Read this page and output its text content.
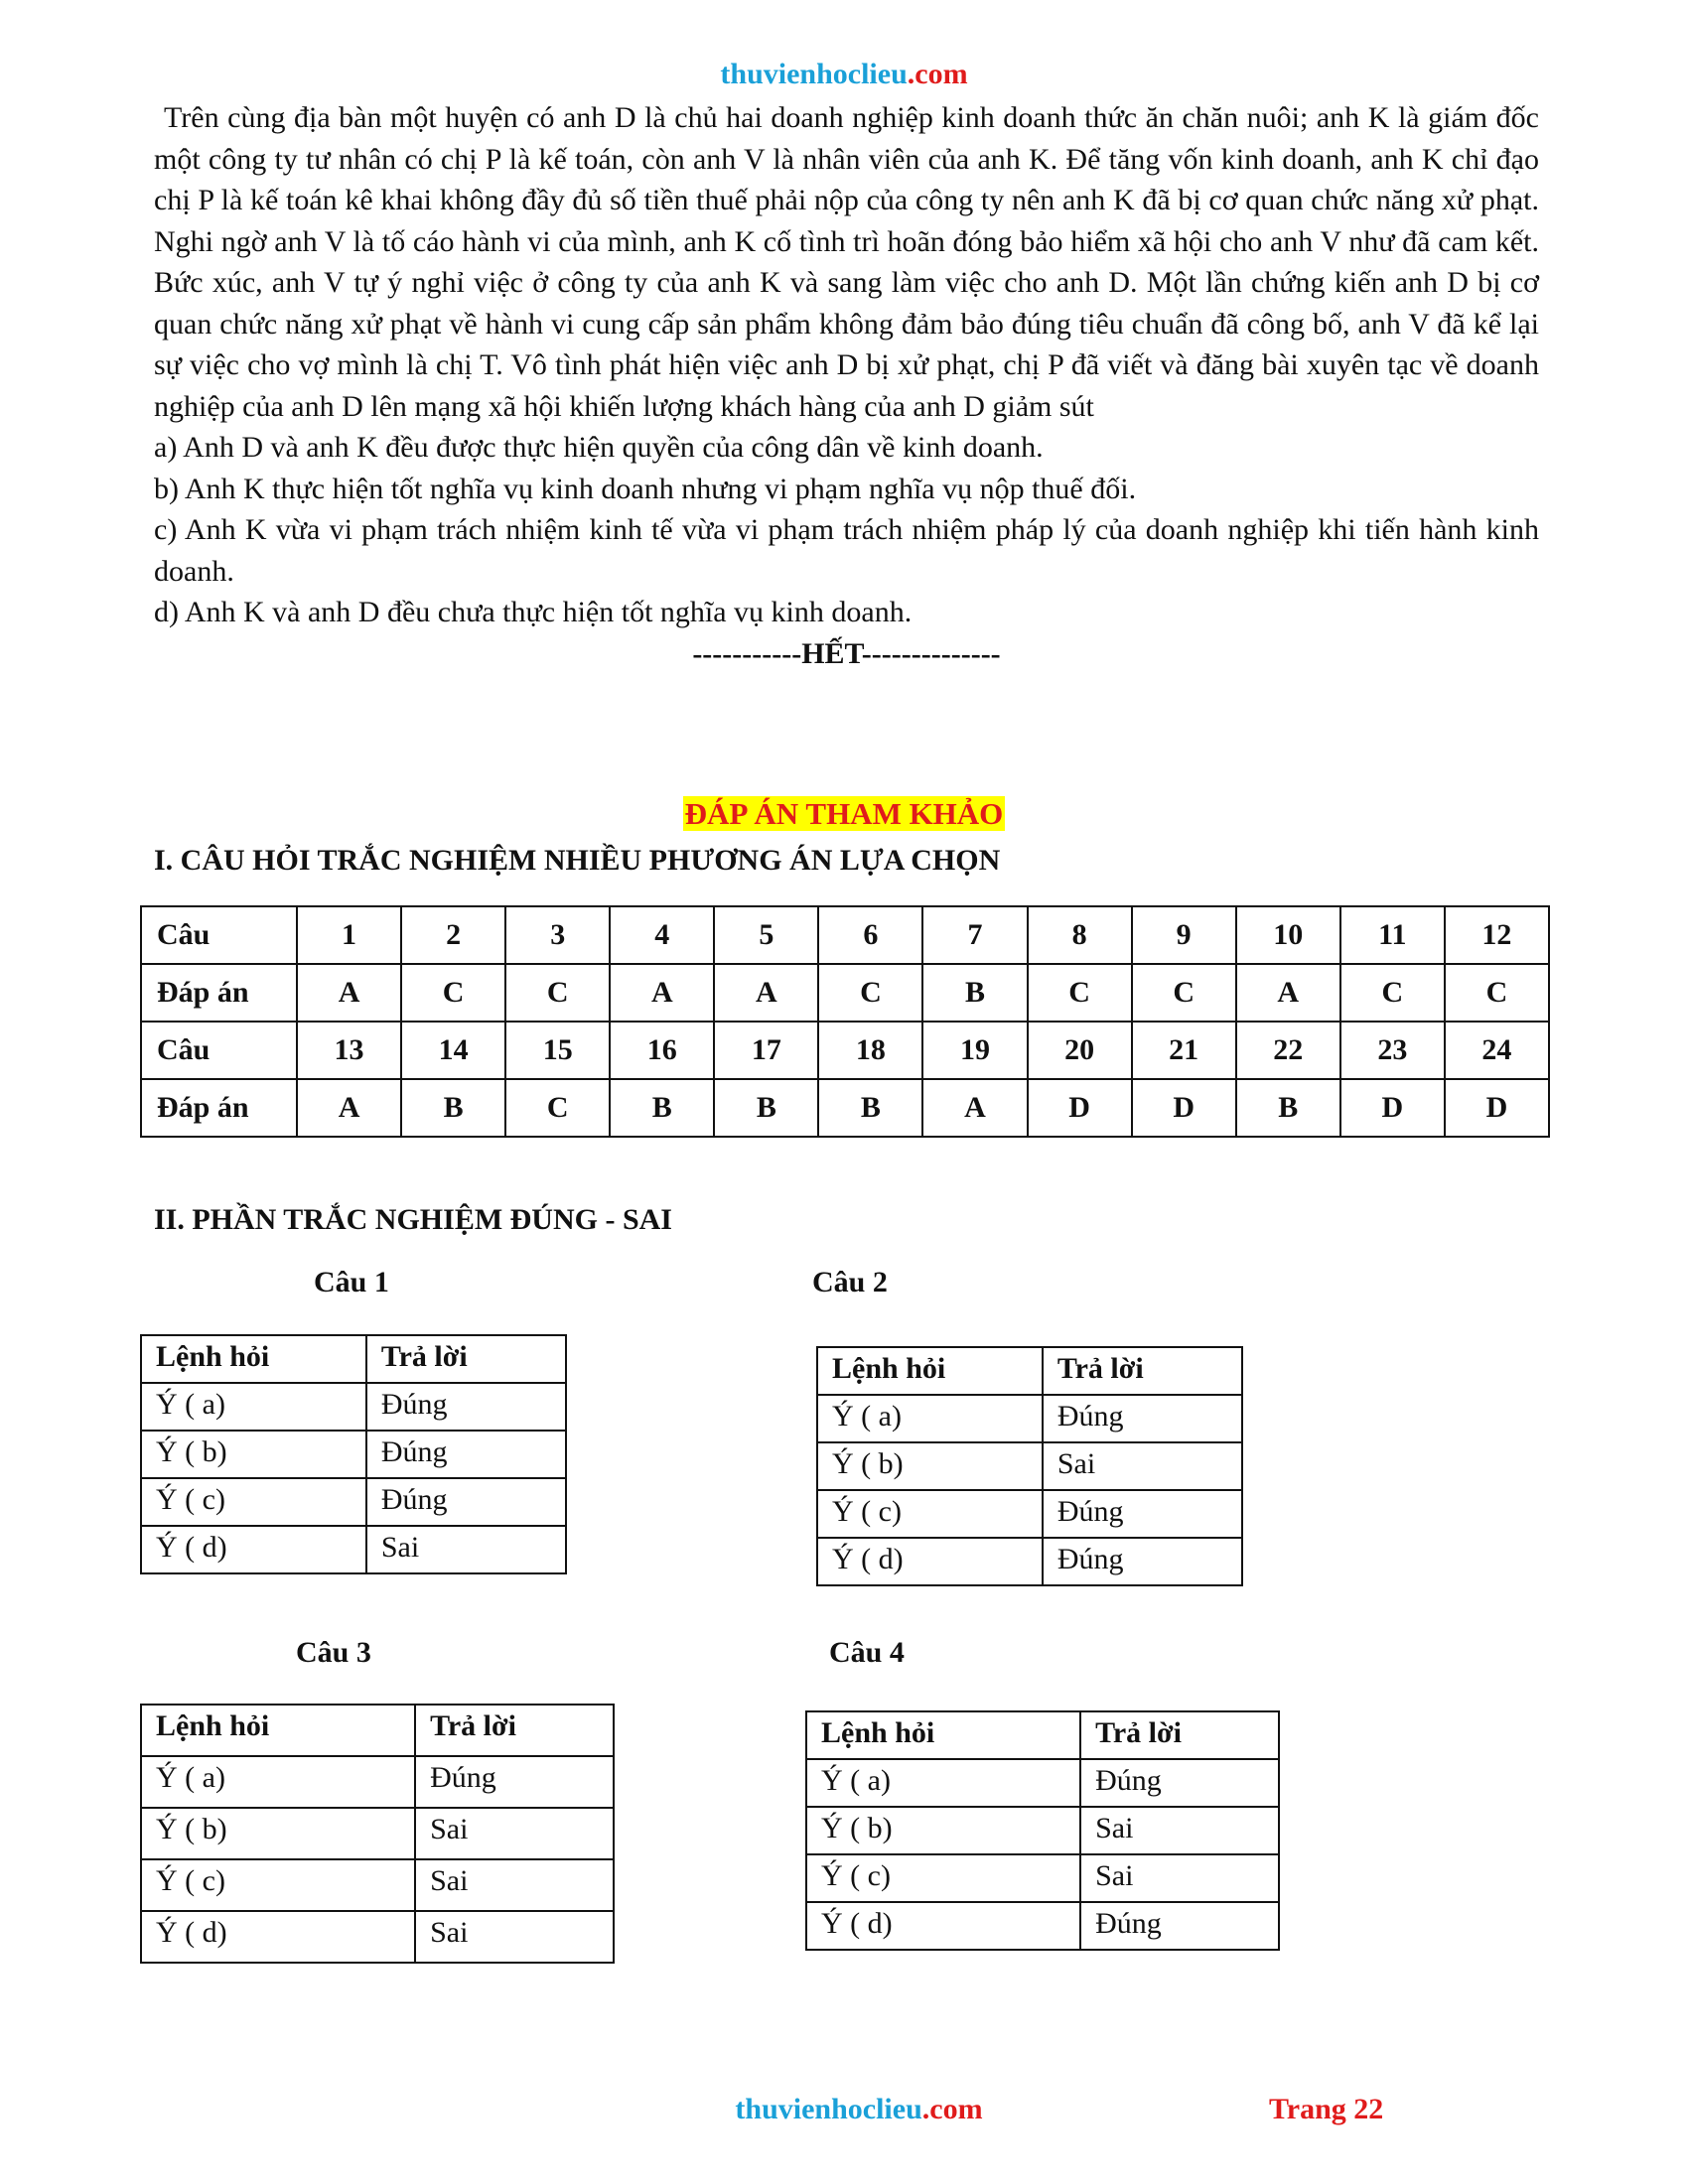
thuvienhoclieu.com

Trên cùng địa bàn một huyện có anh D là chủ hai doanh nghiệp kinh doanh thức ăn chăn nuôi; anh K là giám đốc một công ty tư nhân có chị P là kế toán, còn anh V là nhân viên của anh K. Để tăng vốn kinh doanh, anh K chỉ đạo chị P là kế toán kê khai không đầy đủ số tiền thuế phải nộp của công ty nên anh K đã bị cơ quan chức năng xử phạt. Nghi ngờ anh V là tố cáo hành vi của mình, anh K cố tình trì hoãn đóng bảo hiểm xã hội cho anh V như đã cam kết. Bức xúc, anh V tự ý nghỉ việc ở công ty của anh K và sang làm việc cho anh D. Một lần chứng kiến anh D bị cơ quan chức năng xử phạt về hành vi cung cấp sản phẩm không đảm bảo đúng tiêu chuẩn đã công bố, anh V đã kể lại sự việc cho vợ mình là chị T. Vô tình phát hiện việc anh D bị xử phạt, chị P đã viết và đăng bài xuyên tạc về doanh nghiệp của anh D lên mạng xã hội khiến lượng khách hàng của anh D giảm sút

a) Anh D và anh K đều được thực hiện quyền của công dân về kinh doanh.

b) Anh K thực hiện tốt nghĩa vụ kinh doanh nhưng vi phạm nghĩa vụ nộp thuế đối.

c) Anh K vừa vi phạm trách nhiệm kinh tế vừa vi phạm trách nhiệm pháp lý của doanh nghiệp khi tiến hành kinh doanh.

d) Anh K và anh D đều chưa thực hiện tốt nghĩa vụ kinh doanh.

-----------HẾT--------------

ĐÁP ÁN THAM KHẢO
I. CÂU HỎI TRẮC NGHIỆM NHIỀU PHƯƠNG ÁN LỰA CHỌN
Câu	1	2	3	4	5	6	7	8	9	10	11	12
Đáp án	A	C	C	A	A	C	B	C	C	A	C	C
Câu	13	14	15	16	17	18	19	20	21	22	23	24
Đáp án	A	B	C	B	B	B	A	D	D	B	D	D
II. PHẦN TRẮC NGHIỆM ĐÚNG - SAI
Câu 1	Câu 2
Câu 3	Câu 4
Lệnh hỏi	Trả lời
Ý ( a)	Đúng
Ý ( b)	Đúng
Ý ( c)	Đúng
Ý ( d)	Sai
Lệnh hỏi	Trả lời
Ý ( a)	Đúng
Ý ( b)	Sai
Ý ( c)	Đúng
Ý ( d)	Đúng
Lệnh hỏi	Trả lời
Ý ( a)	Đúng
Ý ( b)	Sai
Ý ( c)	Sai
Ý ( d)	Sai
Lệnh hỏi	Trả lời
Ý ( a)	Đúng
Ý ( b)	Sai
Ý ( c)	Sai
Ý ( d)	Đúng
thuvienhoclieu.com	Trang 22
